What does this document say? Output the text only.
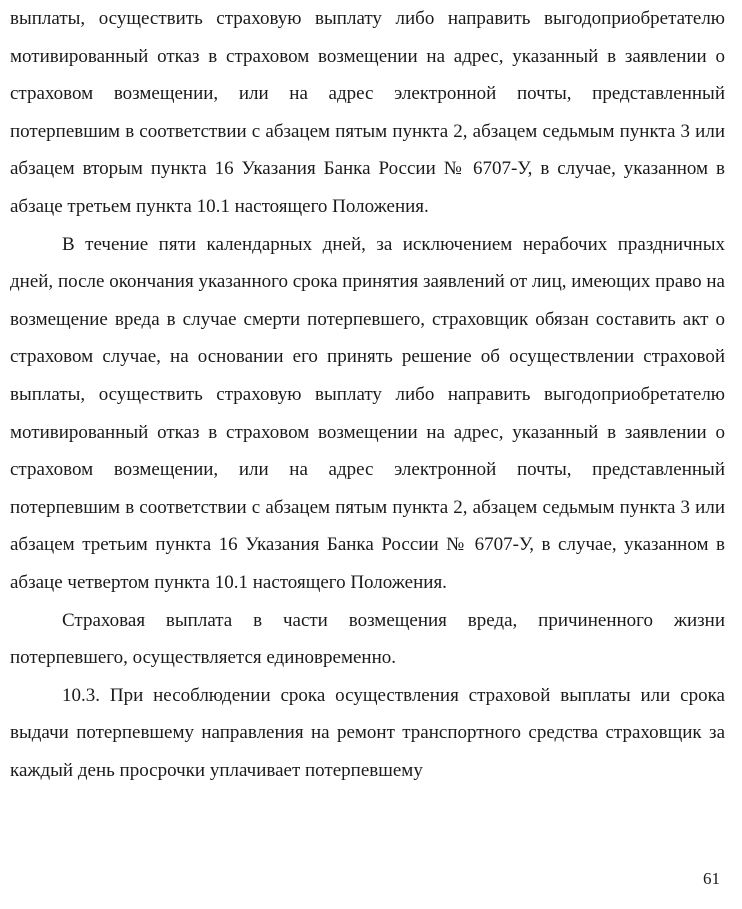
выплаты, осуществить страховую выплату либо направить выгодоприобретателю мотивированный отказ в страховом возмещении на адрес, указанный в заявлении о страховом возмещении, или на адрес электронной почты, представленный потерпевшим в соответствии с абзацем пятым пункта 2, абзацем седьмым пункта 3 или абзацем вторым пункта 16 Указания Банка России № 6707-У, в случае, указанном в абзаце третьем пункта 10.1 настоящего Положения.

В течение пяти календарных дней, за исключением нерабочих праздничных дней, после окончания указанного срока принятия заявлений от лиц, имеющих право на возмещение вреда в случае смерти потерпевшего, страховщик обязан составить акт о страховом случае, на основании его принять решение об осуществлении страховой выплаты, осуществить страховую выплату либо направить выгодоприобретателю мотивированный отказ в страховом возмещении на адрес, указанный в заявлении о страховом возмещении, или на адрес электронной почты, представленный потерпевшим в соответствии с абзацем пятым пункта 2, абзацем седьмым пункта 3 или абзацем третьим пункта 16 Указания Банка России № 6707-У, в случае, указанном в абзаце четвертом пункта 10.1 настоящего Положения.

Страховая выплата в части возмещения вреда, причиненного жизни потерпевшего, осуществляется единовременно.

10.3. При несоблюдении срока осуществления страховой выплаты или срока выдачи потерпевшему направления на ремонт транспортного средства страховщик за каждый день просрочки уплачивает потерпевшему

61
